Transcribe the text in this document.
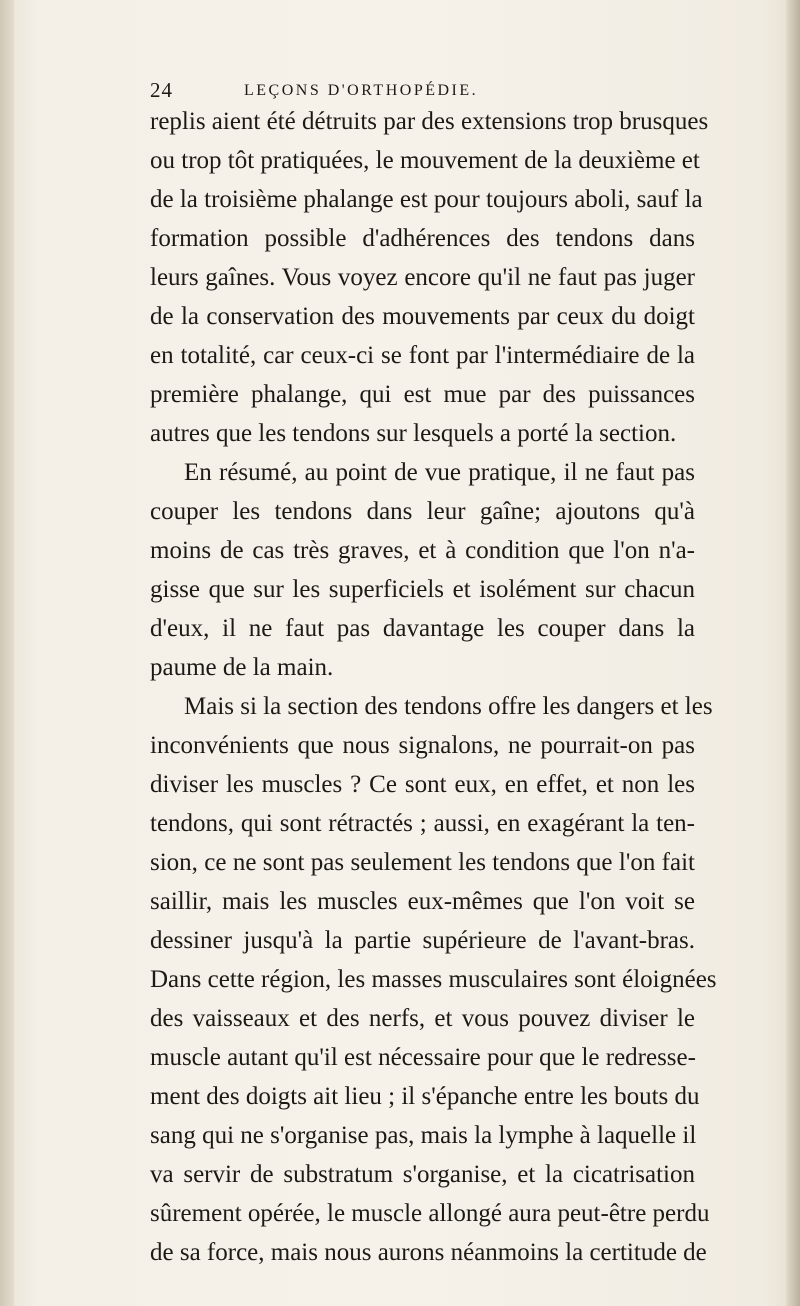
24	LEÇONS D'ORTHOPÉDIE.
replis aient été détruits par des extensions trop brusques
ou trop tôt pratiquées, le mouvement de la deuxième et
de la troisième phalange est pour toujours aboli, sauf la
formation possible d'adhérences des tendons dans
leurs gaînes. Vous voyez encore qu'il ne faut pas juger
de la conservation des mouvements par ceux du doigt
en totalité, car ceux-ci se font par l'intermédiaire de la
première phalange, qui est mue par des puissances
autres que les tendons sur lesquels a porté la section.
En résumé, au point de vue pratique, il ne faut pas
couper les tendons dans leur gaîne; ajoutons qu'à
moins de cas très graves, et à condition que l'on n'a-
gisse que sur les superficiels et isolément sur chacun
d'eux, il ne faut pas davantage les couper dans la
paume de la main.
Mais si la section des tendons offre les dangers et les
inconvénients que nous signalons, ne pourrait-on pas
diviser les muscles ? Ce sont eux, en effet, et non les
tendons, qui sont rétractés ; aussi, en exagérant la ten-
sion, ce ne sont pas seulement les tendons que l'on fait
saillir, mais les muscles eux-mêmes que l'on voit se
dessiner jusqu'à la partie supérieure de l'avant-bras.
Dans cette région, les masses musculaires sont éloignées
des vaisseaux et des nerfs, et vous pouvez diviser le
muscle autant qu'il est nécessaire pour que le redresse-
ment des doigts ait lieu ; il s'épanche entre les bouts du
sang qui ne s'organise pas, mais la lymphe à laquelle il
va servir de substratum s'organise, et la cicatrisation
sûrement opérée, le muscle allongé aura peut-être perdu
de sa force, mais nous aurons néanmoins la certitude de
